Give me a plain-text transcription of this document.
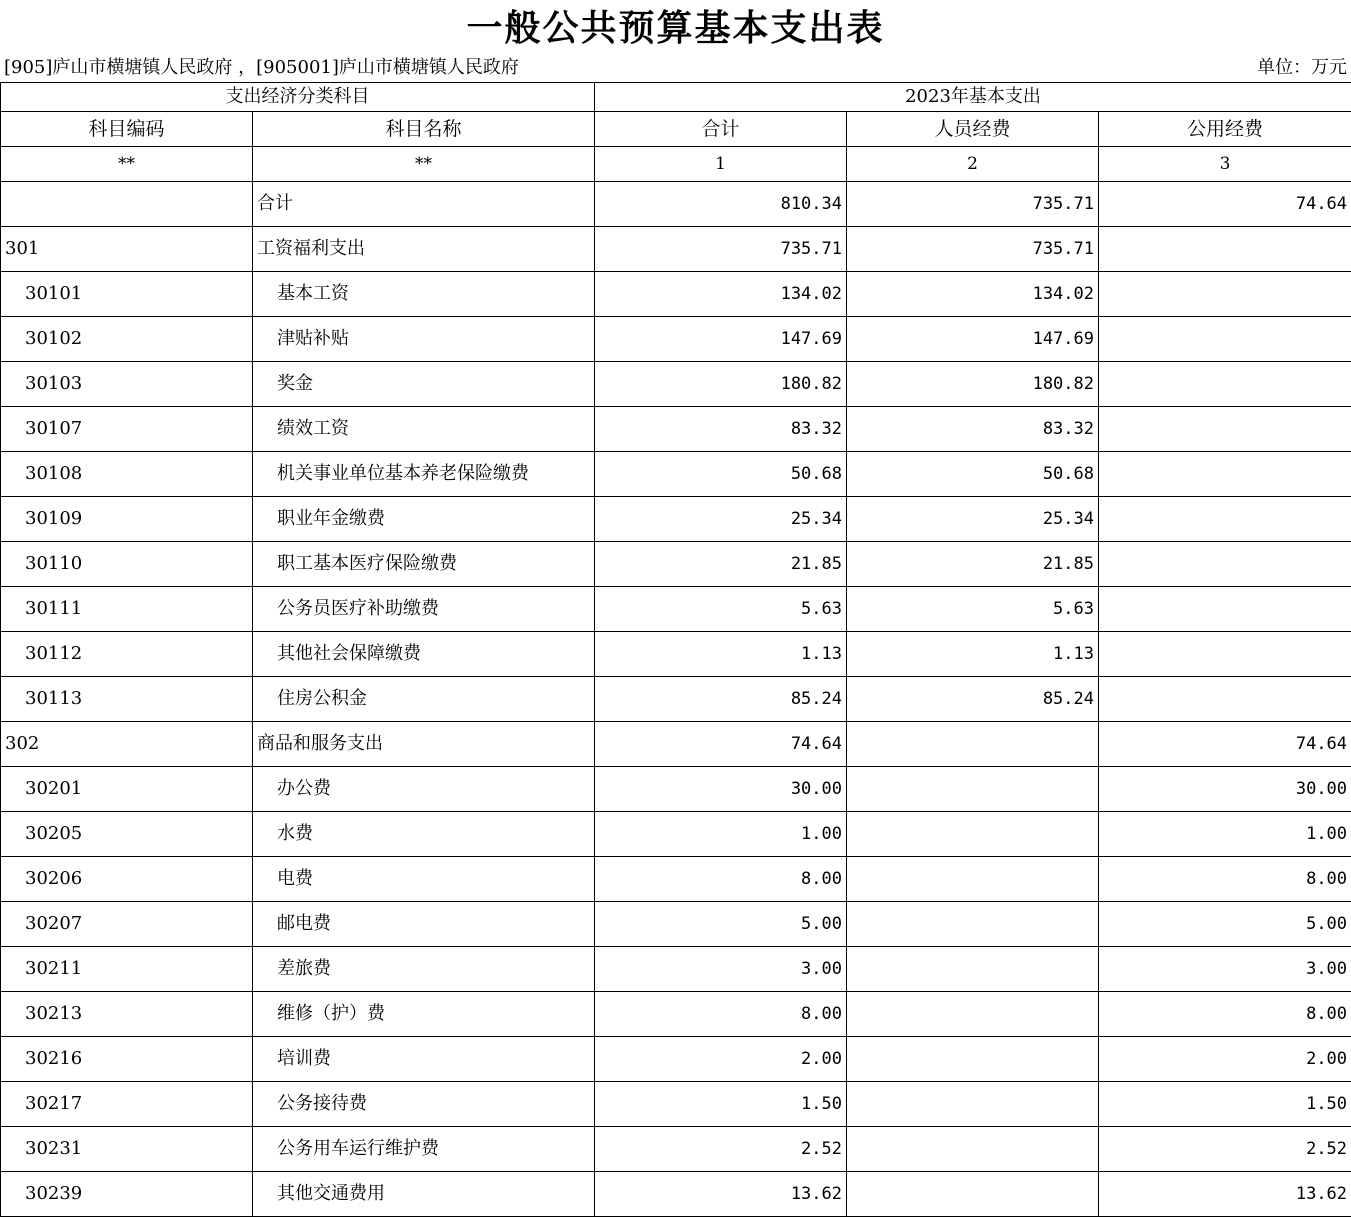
一般公共预算基本支出表
[905]庐山市横塘镇人民政府 ，[905001]庐山市横塘镇人民政府	单位：万元
支出经济分类科目		2023年基本支出		
科目编码	科目名称	合计	人员经费	公用经费
**	**	1	2	3
	合计	810.34	735.71	74.64
301	工资福利支出	735.71	735.71	
30101	基本工资	134.02	134.02	
30102	津贴补贴	147.69	147.69	
30103	奖金	180.82	180.82	
30107	绩效工资	83.32	83.32	
30108	机关事业单位基本养老保险缴费	50.68	50.68	
30109	职业年金缴费	25.34	25.34	
30110	职工基本医疗保险缴费	21.85	21.85	
30111	公务员医疗补助缴费	5.63	5.63	
30112	其他社会保障缴费	1.13	1.13	
30113	住房公积金	85.24	85.24	
302	商品和服务支出	74.64		74.64
30201	办公费	30.00		30.00
30205	水费	1.00		1.00
30206	电费	8.00		8.00
30207	邮电费	5.00		5.00
30211	差旅费	3.00		3.00
30213	维修（护）费	8.00		8.00
30216	培训费	2.00		2.00
30217	公务接待费	1.50		1.50
30231	公务用车运行维护费	2.52		2.52
30239	其他交通费用	13.62		13.62
